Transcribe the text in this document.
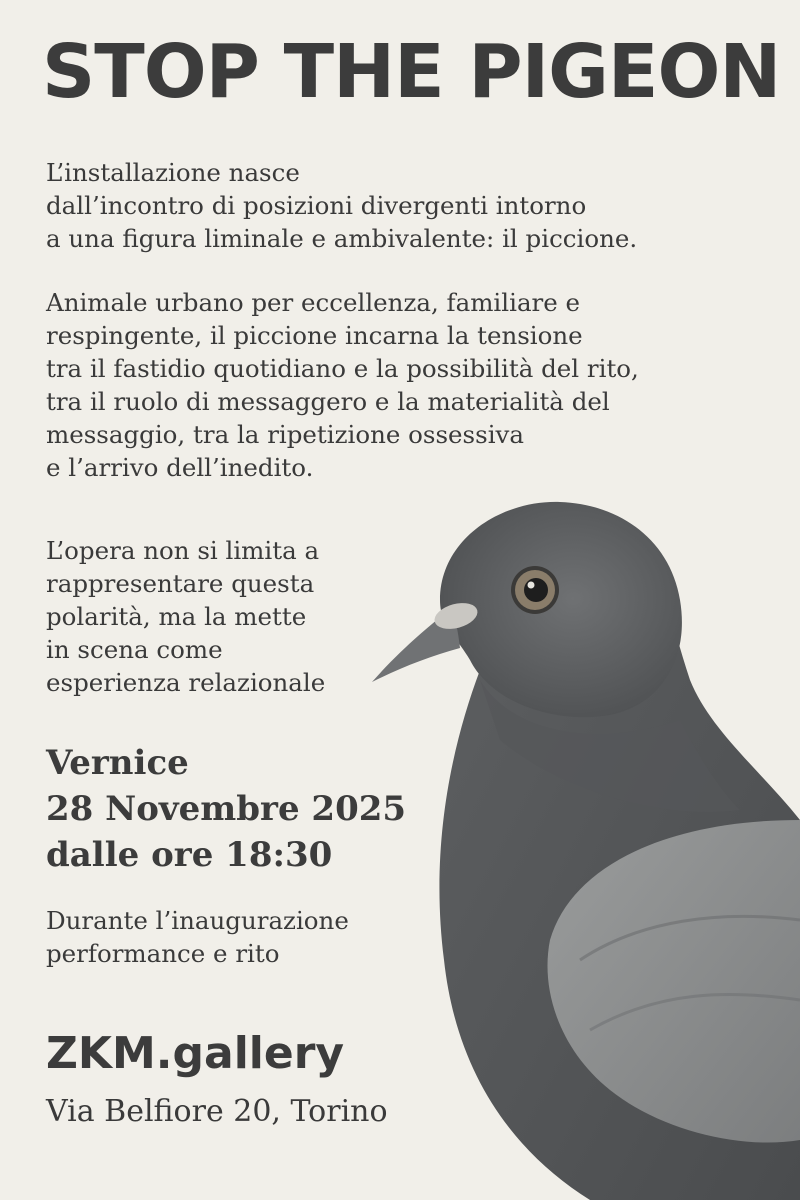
STOP THE PIGEON

L’installazione nasce
dall’incontro di posizioni divergenti intorno
a una figura liminale e ambivalente: il piccione.

Animale urbano per eccellenza, familiare e
respingente, il piccione incarna la tensione
tra il fastidio quotidiano e la possibilità del rito,
tra il ruolo di messaggero e la materialità del
messaggio, tra la ripetizione ossessiva
e l’arrivo dell’inedito.

L’opera non si limita a
rappresentare questa
polarità, ma la mette
in scena come
esperienza relazionale

Vernice
28 Novembre 2025
dalle ore 18:30

Durante l’inaugurazione
performance e rito

ZKM.gallery

Via Belfiore 20, Torino
